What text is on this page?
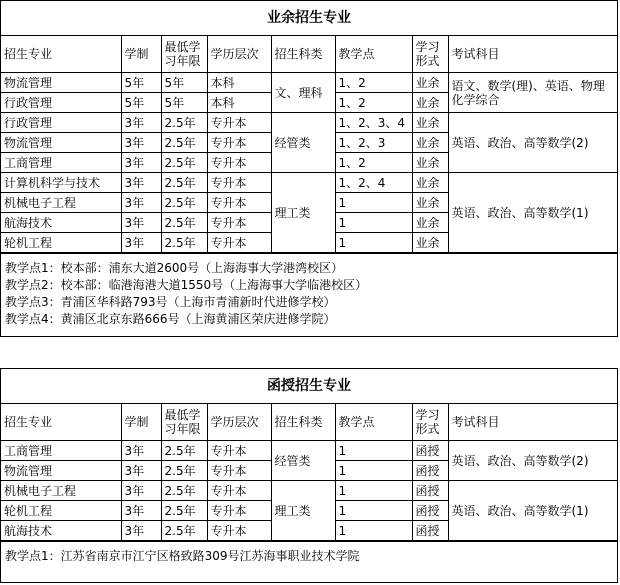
业余招生专业
招生专业	学制	最低学习年限	学历层次	招生科类	教学点	学习形式	考试科目
物流管理	5年	5年	本科	文、理科	1、2	业余	语文、数学(理)、英语、物理化学综合
行政管理	5年	5年	本科		1、2	业余	
行政管理	3年	2.5年	专升本	经管类	1、2、3、4	业余	英语、政治、高等数学(2)
物流管理	3年	2.5年	专升本		1、2、3	业余	
工商管理	3年	2.5年	专升本		1、2	业余	
计算机科学与技术	3年	2.5年	专升本	理工类	1、2、4	业余	英语、政治、高等数学(1)
机械电子工程	3年	2.5年	专升本		1	业余	
航海技术	3年	2.5年	专升本		1	业余	
轮机工程	3年	2.5年	专升本		1	业余	
教学点1：校本部：浦东大道2600号（上海海事大学港湾校区）
教学点2：校本部：临港海港大道1550号（上海海事大学临港校区）
教学点3：青浦区华科路793号（上海市青浦新时代进修学校）
教学点4：黄浦区北京东路666号（上海黄浦区荣庆进修学院）
函授招生专业
招生专业	学制	最低学习年限	学历层次	招生科类	教学点	学习形式	考试科目
工商管理	3年	2.5年	专升本	经管类	1	函授	英语、政治、高等数学(2)
物流管理	3年	2.5年	专升本		1	函授	
机械电子工程	3年	2.5年	专升本	理工类	1	函授	英语、政治、高等数学(1)
轮机工程	3年	2.5年	专升本		1	函授	
航海技术	3年	2.5年	专升本		1	函授	
教学点1：江苏省南京市江宁区格致路309号江苏海事职业技术学院
